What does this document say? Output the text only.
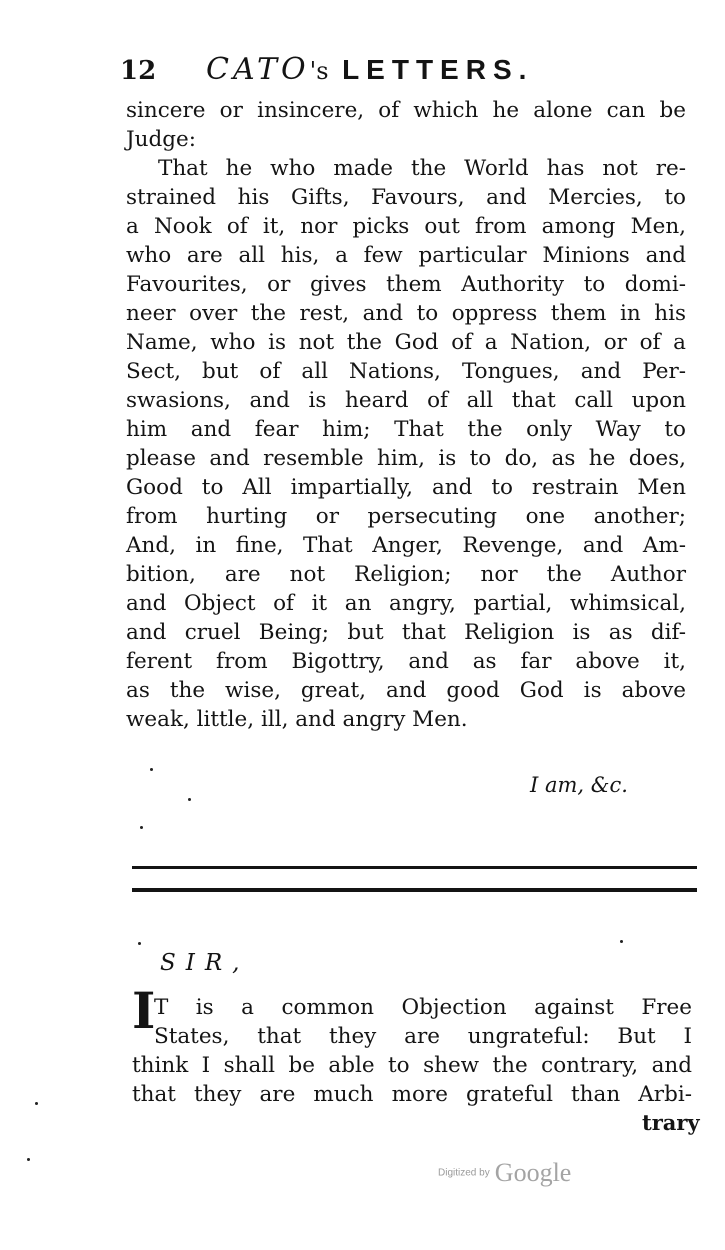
12 CATO's LETTERS.
sincere or insincere, of which he alone can be
Judge:
That he who made the World has not re-
strained his Gifts, Favours, and Mercies, to
a Nook of it, nor picks out from among Men,
who are all his, a few particular Minions and
Favourites, or gives them Authority to domi-
neer over the rest, and to oppress them in his
Name, who is not the God of a Nation, or of a
Sect, but of all Nations, Tongues, and Per-
swasions, and is heard of all that call upon
him and fear him; That the only Way to
please and resemble him, is to do, as he does,
Good to All impartially, and to restrain Men
from hurting or persecuting one another;
And, in fine, That Anger, Revenge, and Am-
bition, are not Religion; nor the Author
and Object of it an angry, partial, whimsical,
and cruel Being; but that Religion is as dif-
ferent from Bigottry, and as far above it,
as the wise, great, and good God is above
weak, little, ill, and angry Men.
I am, &c.
SIR,
I
T is a common Objection against Free
States, that they are ungrateful: But I
think I shall be able to shew the contrary, and
that they are much more grateful than Arbi-
trary
Digitized by Google
